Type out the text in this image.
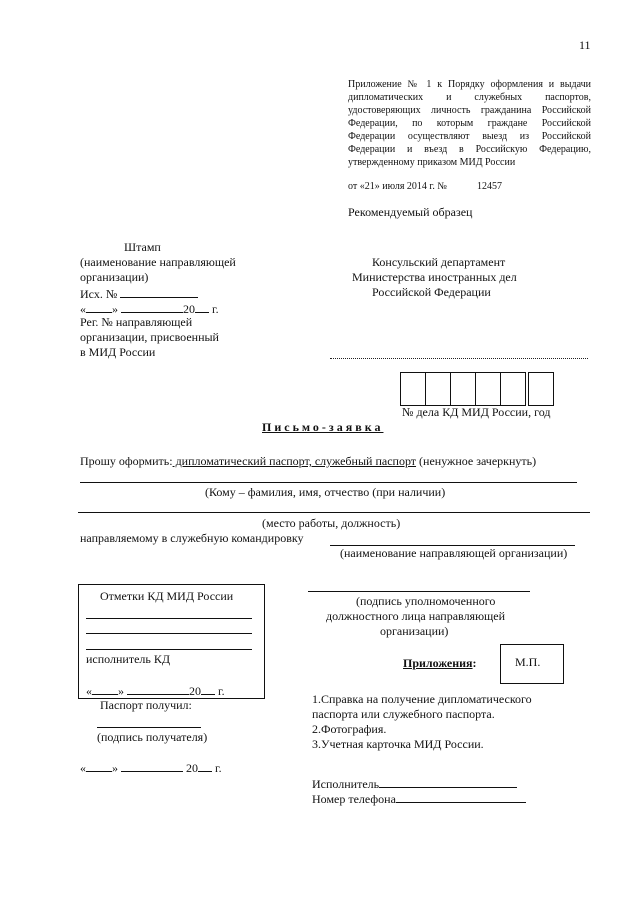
11
Приложение № 1 к Порядку оформления и выдачи
дипломатических и служебных паспортов,
удостоверяющих личность гражданина Российской
Федерации, по которым граждане Российской
Федерации осуществляют выезд из Российской
Федерации и въезд в Российскую Федерацию,
утвержденному приказом МИД России
от «21» июля 2014 г. №	12457
Рекомендуемый образец
Штамп
(наименование направляющей
организации)
Исх. №
« »	20 г.
Рег. № направляющей
организации, присвоенный
в МИД России
Консульский департамент
Министерства иностранных дел
Российской Федерации
№ дела КД МИД России, год
Письмо-заявка
Прошу оформить: дипломатический паспорт, служебный паспорт (ненужное зачеркнуть)
(Кому – фамилия, имя, отчество (при наличии)
(место работы, должность)
направляемому в служебную командировку
(наименование направляющей организации)
Отметки КД МИД России
исполнитель КД
« »	20 г.
Паспорт получил:
(подпись получателя)
« »	20 г.
(подпись уполномоченного
должностного лица направляющей
организации)
Приложения:	М.П.
1.Справка на получение дипломатического
паспорта или служебного паспорта.
2.Фотография.
3.Учетная карточка МИД России.
Исполнитель
Номер телефона
